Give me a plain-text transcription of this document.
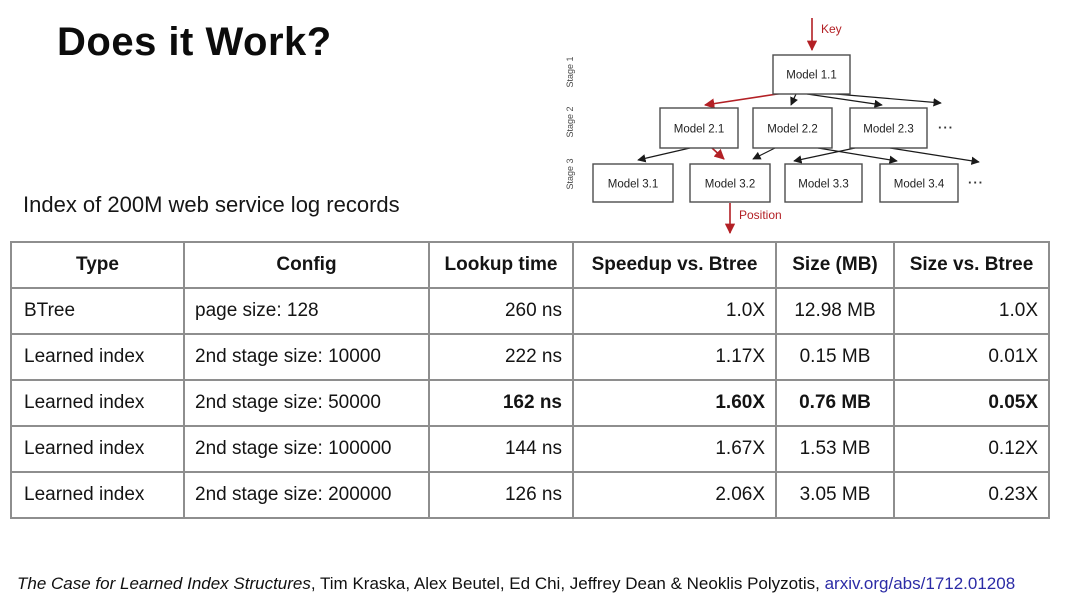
Does it Work?
Index of 200M web service log records
Stage 1
Stage 2
Stage 3
Key
Position
Model 1.1
Model 2.1	Model 2.2	Model 2.3 ···
Model 3.1	Model 3.2	Model 3.3	Model 3.4 ···
Type	Config	Lookup time	Speedup vs. Btree	Size (MB)	Size vs. Btree
BTree	page size: 128	260 ns	1.0X	12.98 MB	1.0X
Learned index	2nd stage size: 10000	222 ns	1.17X	0.15 MB	0.01X
Learned index	2nd stage size: 50000	162 ns	1.60X	0.76 MB	0.05X
Learned index	2nd stage size: 100000	144 ns	1.67X	1.53 MB	0.12X
Learned index	2nd stage size: 200000	126 ns	2.06X	3.05 MB	0.23X
The Case for Learned Index Structures, Tim Kraska, Alex Beutel, Ed Chi, Jeffrey Dean & Neoklis Polyzotis, arxiv.org/abs/1712.01208
